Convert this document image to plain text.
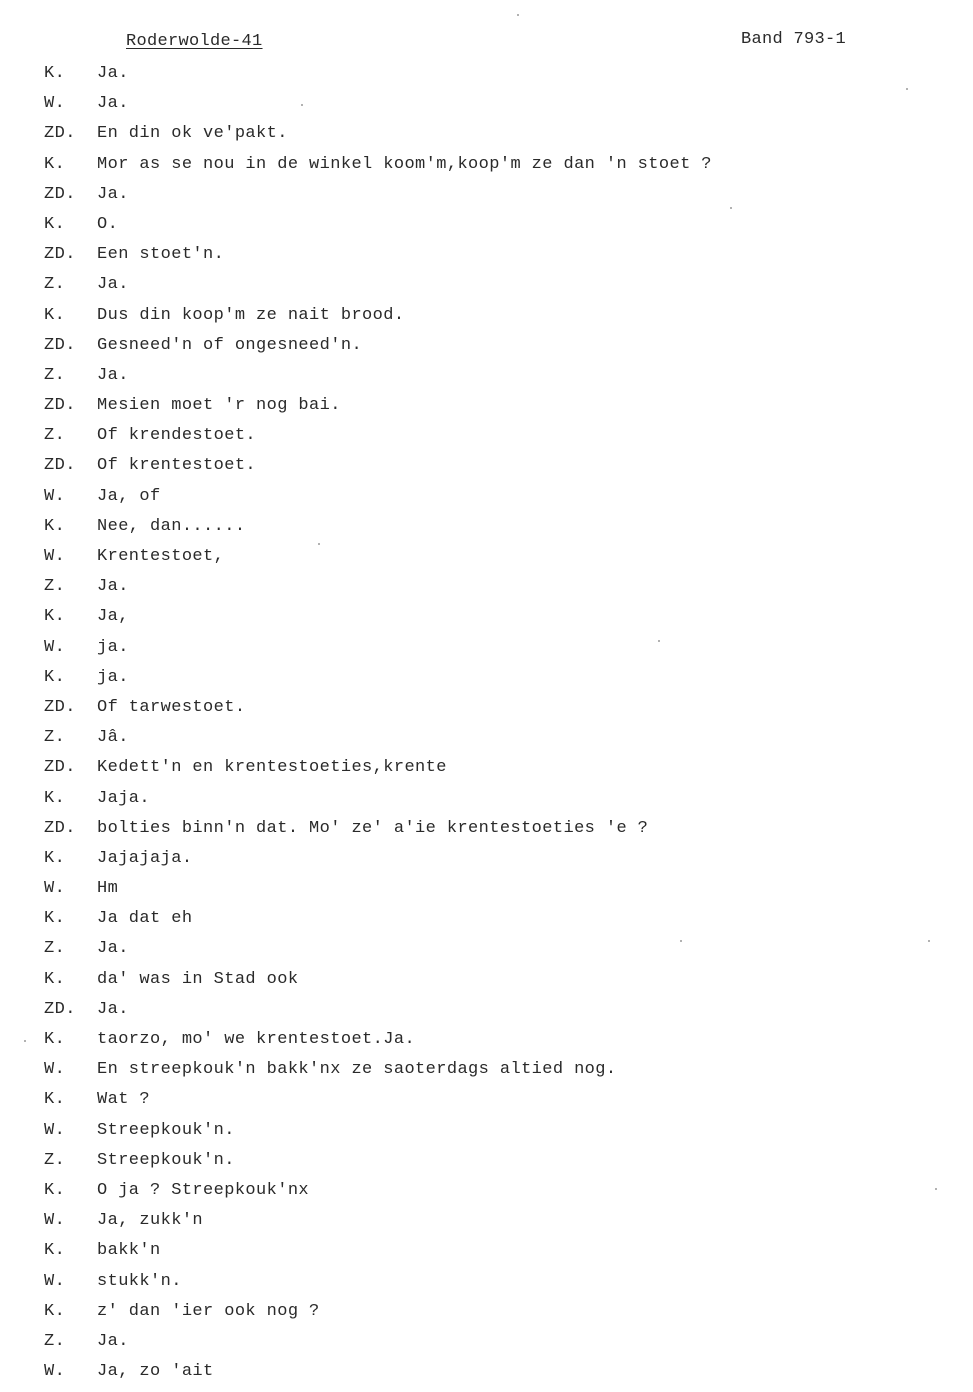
Roderwolde-41	Band 793-1
K.	Ja.
W.	Ja.
ZD.	En din ok ve'pakt.
K.	Mor as se nou in de winkel koom'm,koop'm ze dan 'n stoet ?
ZD.	Ja.
K.	O.
ZD.	Een stoet'n.
Z.	Ja.
K.	Dus din koop'm ze nait brood.
ZD.	Gesneed'n of ongesneed'n.
Z.	Ja.
ZD.	Mesien moet 'r nog bai.
Z.	Of krendestoet.
ZD.	Of krentestoet.
W.	Ja, of
K.	Nee, dan......
W.	Krentestoet,
Z.	Ja.
K.	Ja,
W.	ja.
K.	ja.
ZD.	Of tarwestoet.
Z.	Jâ.
ZD.	Kedett'n en krentestoeties,krente
K.	Jaja.
ZD.	bolties binn'n dat. Mo' ze' a'ie krentestoeties 'e ?
K.	Jajajaja.
W.	Hm
K.	Ja dat eh
Z.	Ja.
K.	da' was in Stad ook
ZD.	Ja.
K.	taorzo, mo' we krentestoet.Ja.
W.	En streepkouk'n bakk'nx ze saoterdags altied nog.
K.	Wat ?
W.	Streepkouk'n.
Z.	Streepkouk'n.
K.	O ja ? Streepkouk'nx
W.	Ja, zukk'n
K.	bakk'n
W.	stukk'n.
K.	z' dan 'ier ook nog ?
Z.	Ja.
W.	Ja, zo 'ait
